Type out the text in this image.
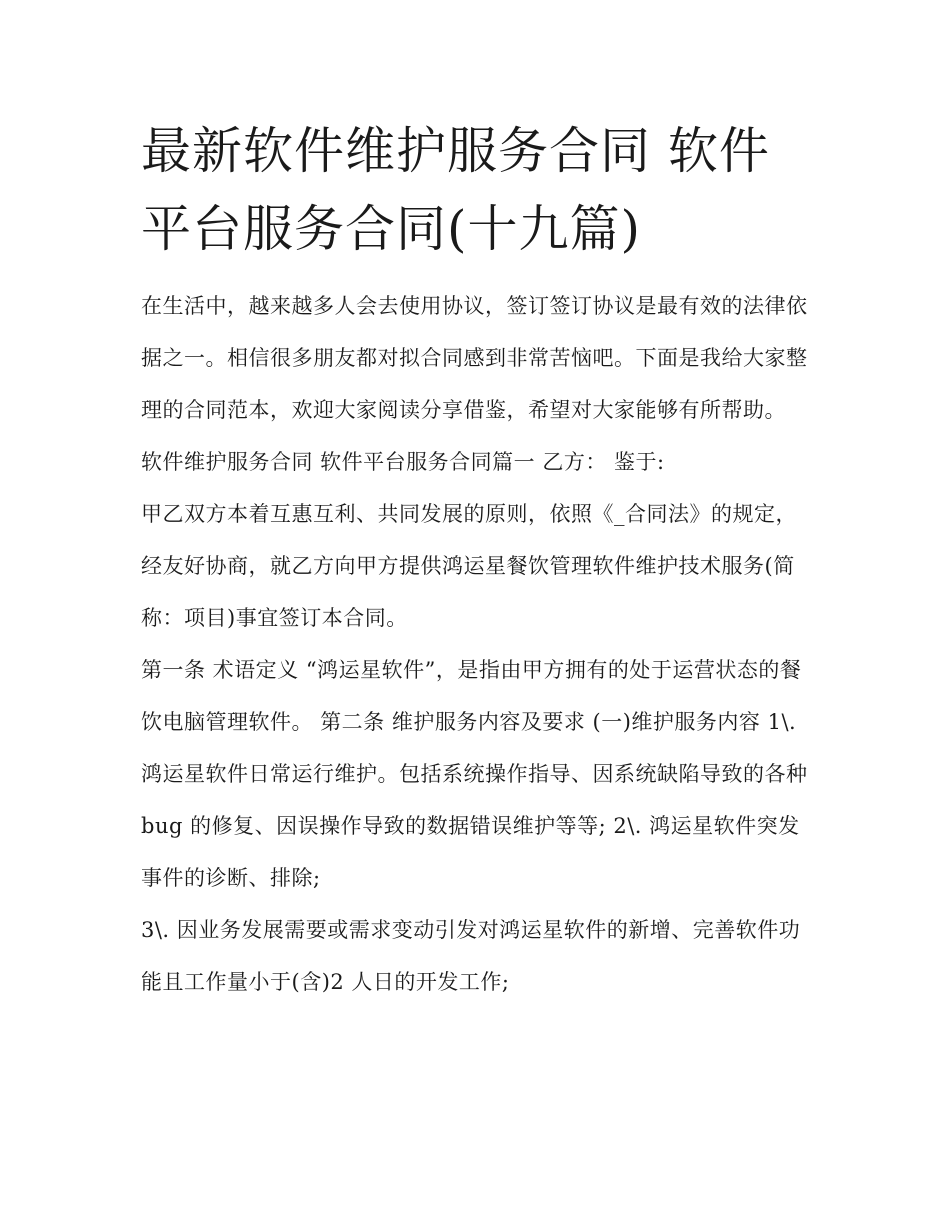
最新软件维护服务合同 软件平台服务合同(十九篇)

在生活中，越来越多人会去使用协议，签订签订协议是最有效的法律依据之一。相信很多朋友都对拟合同感到非常苦恼吧。下面是我给大家整理的合同范本，欢迎大家阅读分享借鉴，希望对大家能够有所帮助。

软件维护服务合同 软件平台服务合同篇一 乙方： 鉴于:

甲乙双方本着互惠互利、共同发展的原则，依照《_合同法》的规定，经友好协商，就乙方向甲方提供鸿运星餐饮管理软件维护技术服务(简称：项目)事宜签订本合同。

第一条 术语定义 “鸿运星软件”，是指由甲方拥有的处于运营状态的餐饮电脑管理软件。 第二条 维护服务内容及要求 (一)维护服务内容 1\.

鸿运星软件日常运行维护。包括系统操作指导、因系统缺陷导致的各种 bug 的修复、因误操作导致的数据错误维护等等; 2\. 鸿运星软件突发事件的诊断、排除;

3\. 因业务发展需要或需求变动引发对鸿运星软件的新增、完善软件功能且工作量小于(含)2 人日的开发工作;
